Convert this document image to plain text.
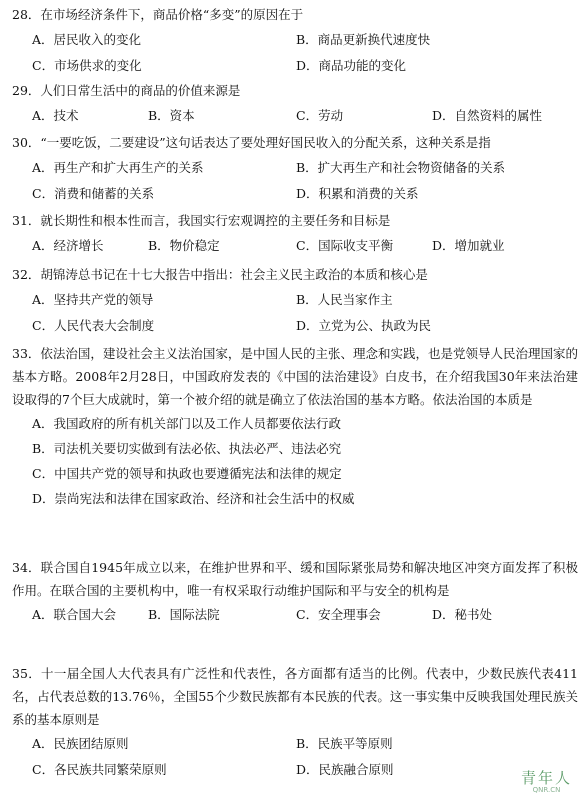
28．在市场经济条件下，商品价格“多变”的原因在于
A．居民收入的变化	B．商品更新换代速度快
C．市场供求的变化	D．商品功能的变化
29．人们日常生活中的商品的价值来源是
A．技术	B．资本	C．劳动	D．自然资料的属性
30．“一要吃饭，二要建设”这句话表达了要处理好国民收入的分配关系，这种关系是指
A．再生产和扩大再生产的关系	B．扩大再生产和社会物资储备的关系
C．消费和储蓄的关系	D．积累和消费的关系
31．就长期性和根本性而言，我国实行宏观调控的主要任务和目标是
A．经济增长	B．物价稳定	C．国际收支平衡	D．增加就业
32．胡锦涛总书记在十七大报告中指出：社会主义民主政治的本质和核心是
A．坚持共产党的领导	B．人民当家作主
C．人民代表大会制度	D．立党为公、执政为民
33．依法治国，建设社会主义法治国家，是中国人民的主张、理念和实践，也是党领导人民治理国家的基本方略。2008年2月28日，中国政府发表的《中国的法治建设》白皮书，在介绍我国30年来法治建设取得的7个巨大成就时，第一个被介绍的就是确立了依法治国的基本方略。依法治国的本质是
A．我国政府的所有机关部门以及工作人员都要依法行政
B．司法机关要切实做到有法必依、执法必严、违法必究
C．中国共产党的领导和执政也要遵循宪法和法律的规定
D．崇尚宪法和法律在国家政治、经济和社会生活中的权威
34．联合国自1945年成立以来，在维护世界和平、缓和国际紧张局势和解决地区冲突方面发挥了积极作用。在联合国的主要机构中，唯一有权采取行动维护国际和平与安全的机构是
A．联合国大会	B．国际法院	C．安全理事会	D．秘书处
35．十一届全国人大代表具有广泛性和代表性，各方面都有适当的比例。代表中，少数民族代表411名，占代表总数的13.76％，全国55个少数民族都有本民族的代表。这一事实集中反映我国处理民族关系的基本原则是
A．民族团结原则	B．民族平等原则
C．各民族共同繁荣原则	D．民族融合原则	青年人
QNR.CN
